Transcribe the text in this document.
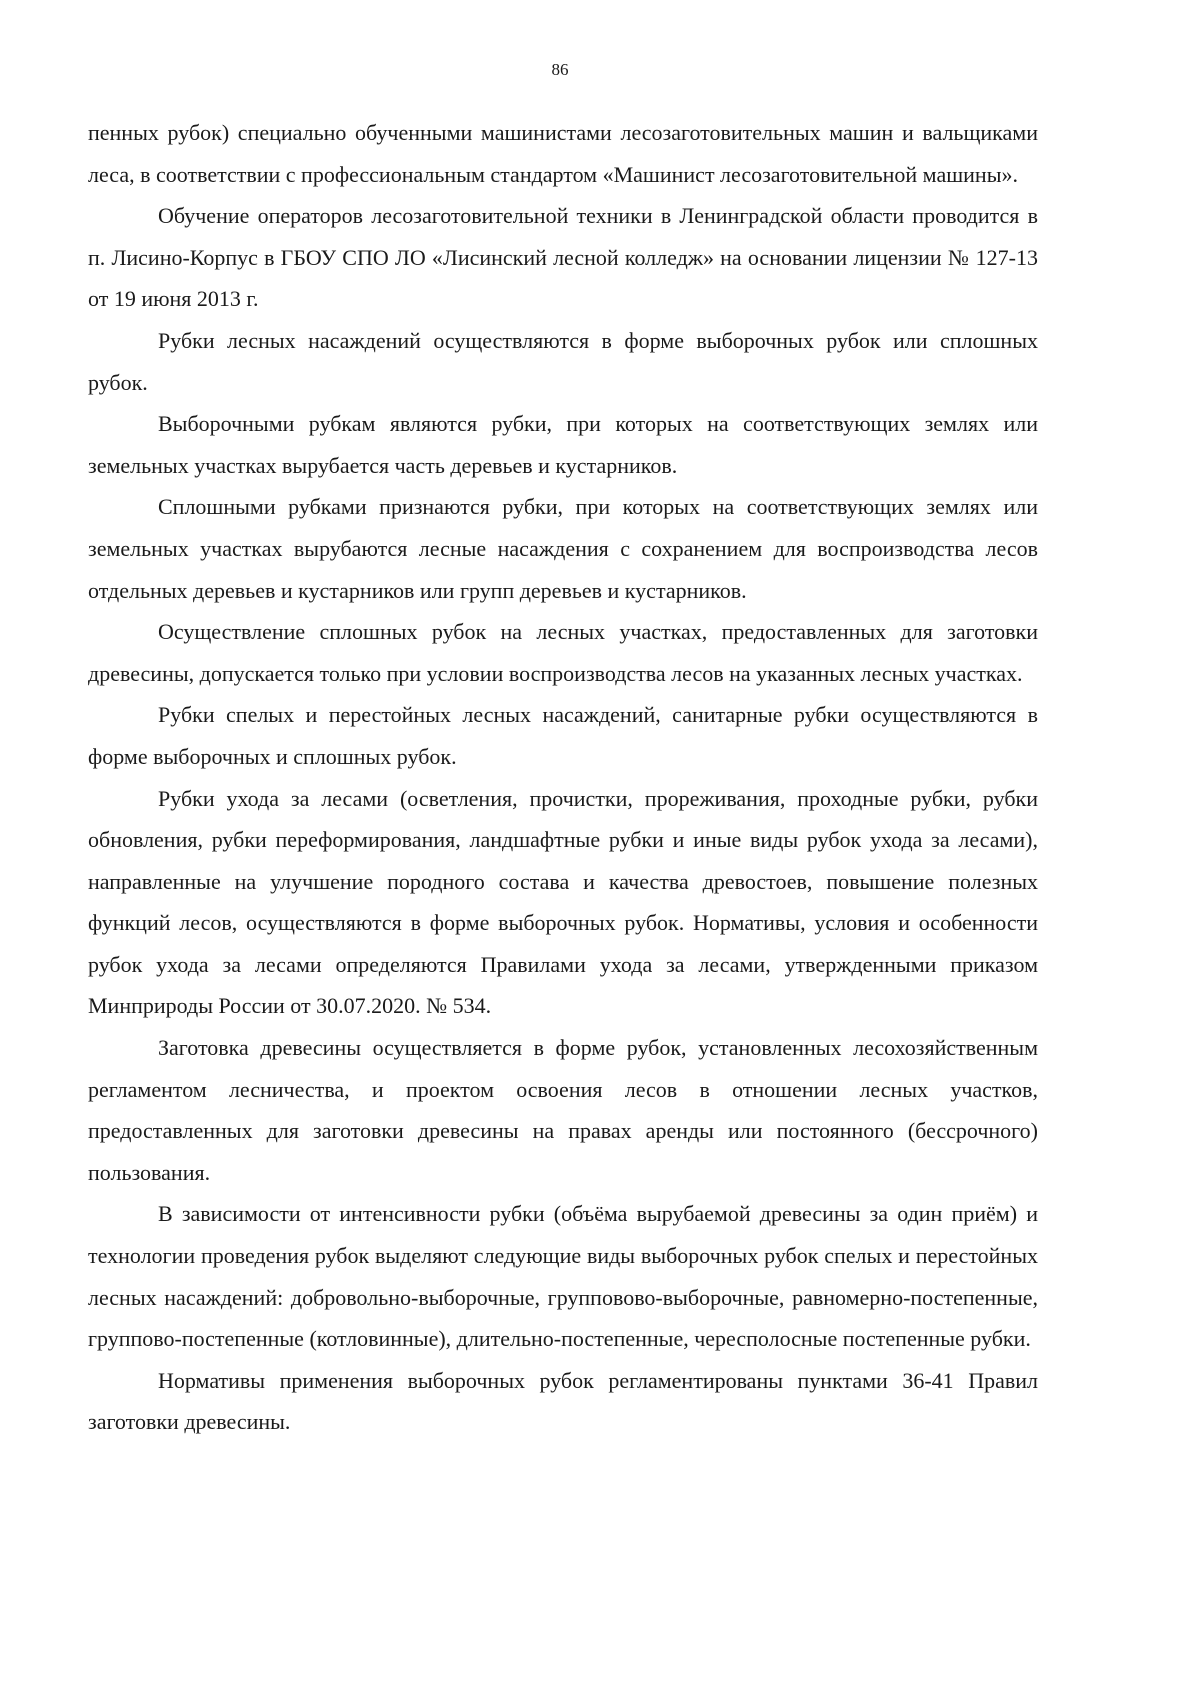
86

пенных рубок) специально обученными машинистами лесозаготовительных машин и вальщиками леса, в соответствии с профессиональным стандартом «Машинист лесозаготовительной машины».

Обучение операторов лесозаготовительной техники в Ленинградской области проводится в п. Лисино-Корпус в ГБОУ СПО ЛО «Лисинский лесной колледж» на основании лицензии № 127-13 от 19 июня 2013 г.

Рубки лесных насаждений осуществляются в форме выборочных рубок или сплошных рубок.

Выборочными рубкам являются рубки, при которых на соответствующих землях или земельных участках вырубается часть деревьев и кустарников.

Сплошными рубками признаются рубки, при которых на соответствующих землях или земельных участках вырубаются лесные насаждения с сохранением для воспроизводства лесов отдельных деревьев и кустарников или групп деревьев и кустарников.

Осуществление сплошных рубок на лесных участках, предоставленных для заготовки древесины, допускается только при условии воспроизводства лесов на указанных лесных участках.

Рубки спелых и перестойных лесных насаждений, санитарные рубки осуществляются в форме выборочных и сплошных рубок.

Рубки ухода за лесами (осветления, прочистки, прореживания, проходные рубки, рубки обновления, рубки переформирования, ландшафтные рубки и иные виды рубок ухода за лесами), направленные на улучшение породного состава и качества древостоев, повышение полезных функций лесов, осуществляются в форме выборочных рубок. Нормативы, условия и особенности рубок ухода за лесами определяются Правилами ухода за лесами, утвержденными приказом Минприроды России от 30.07.2020. № 534.

Заготовка древесины осуществляется в форме рубок, установленных лесохозяйственным регламентом лесничества, и проектом освоения лесов в отношении лесных участков, предоставленных для заготовки древесины на правах аренды или постоянного (бессрочного) пользования.

В зависимости от интенсивности рубки (объёма вырубаемой древесины за один приём) и технологии проведения рубок выделяют следующие виды выборочных рубок спелых и перестойных лесных насаждений: добровольно-выборочные, групповово-выборочные, равномерно-постепенные, группово-постепенные (котловинные), длительно-постепенные, чересполосные постепенные рубки.

Нормативы применения выборочных рубок регламентированы пунктами 36-41 Правил заготовки древесины.
